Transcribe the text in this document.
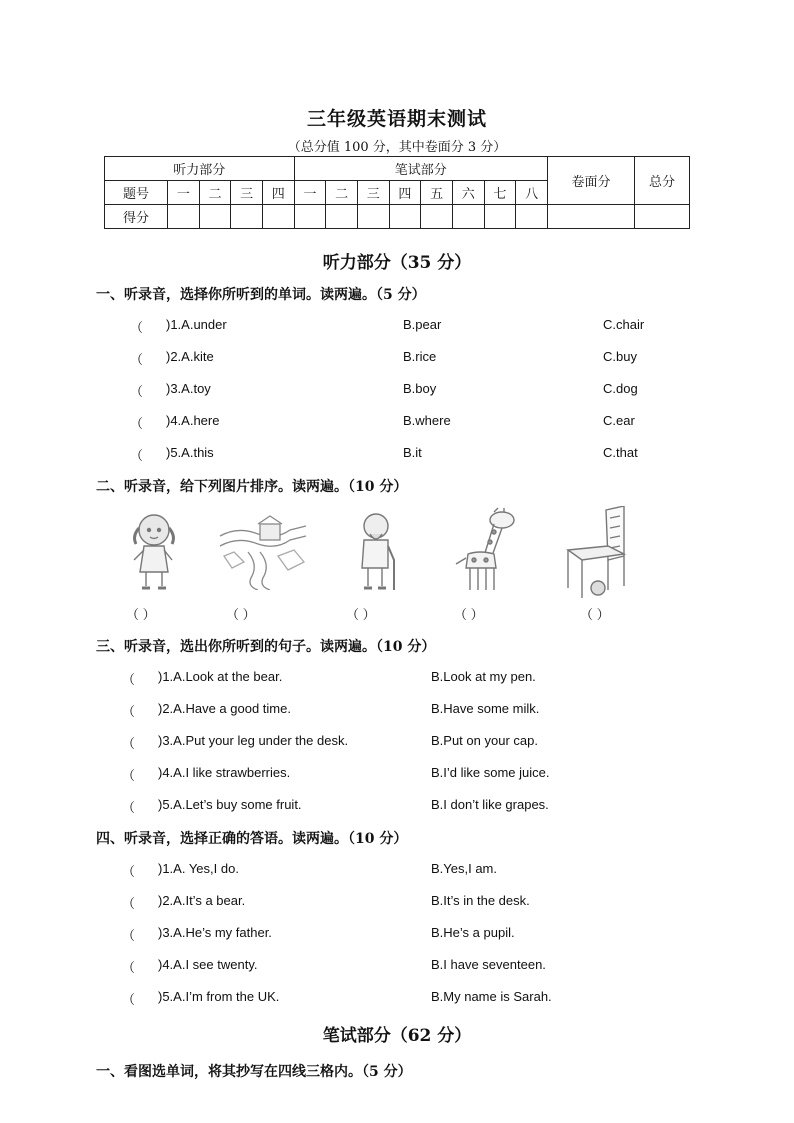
三年级英语期末测试
（总分值 100 分，其中卷面分 3 分）
听力部分					笔试部分								卷面分	总分
题号	一	二	三	四	一	二	三	四	五	六	七	八		
得分														
听力部分（35 分）
一、听录音，选择你所听到的单词。读两遍。（5 分）
（ )1.A.under	B.pear	C.chair
（ )2.A.kite	B.rice	C.buy
（ )3.A.toy	B.boy	C.dog
（ )4.A.here	B.where	C.ear
（ )5.A.this	B.it	C.that
二、听录音，给下列图片排序。读两遍。（10 分）
（ ）	（ ）	（ ）	（ ）	（ ）
三、听录音，选出你所听到的句子。读两遍。（10 分）
（ )1.A.Look at the bear.	B.Look at my pen.
（ )2.A.Have a good time.	B.Have some milk.
（ )3.A.Put your leg under the desk.	B.Put on your cap.
（ )4.A.I like strawberries.	B.I’d like some juice.
（ )5.A.Let’s buy some fruit.	B.I don’t like grapes.
四、听录音，选择正确的答语。读两遍。（10 分）
（ )1.A. Yes,I do.	B.Yes,I am.
（ )2.A.It’s a bear.	B.It’s in the desk.
（ )3.A.He’s my father.	B.He’s a pupil.
（ )4.A.I see twenty.	B.I have seventeen.
（ )5.A.I’m from the UK.	B.My name is Sarah.
笔试部分（62 分）
一、看图选单词，将其抄写在四线三格内。（5 分）
